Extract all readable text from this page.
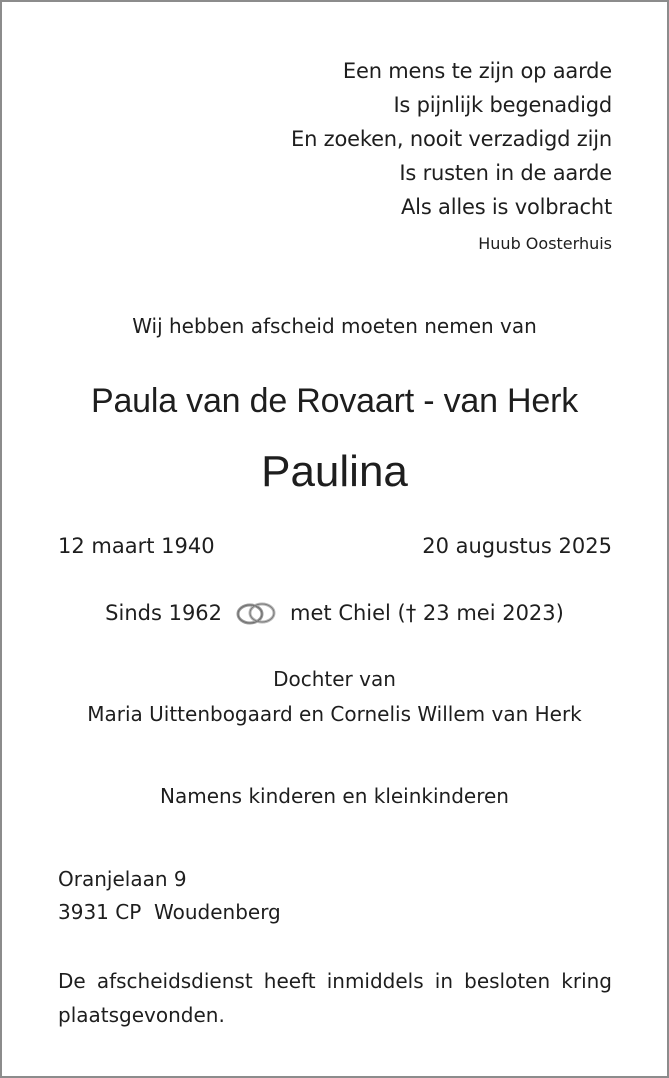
Een mens te zijn op aarde
Is pijnlijk begenadigd
En zoeken, nooit verzadigd zijn
Is rusten in de aarde
Als alles is volbracht
Huub Oosterhuis
Wij hebben afscheid moeten nemen van
Paula van de Rovaart - van Herk
Paulina
12 maart 1940	20 augustus 2025
Sinds 1962	met Chiel († 23 mei 2023)
Dochter van
Maria Uittenbogaard en Cornelis Willem van Herk
Namens kinderen en kleinkinderen
Oranjelaan 9
3931 CP  Woudenberg
De afscheidsdienst heeft inmiddels in besloten kring plaatsgevonden.
